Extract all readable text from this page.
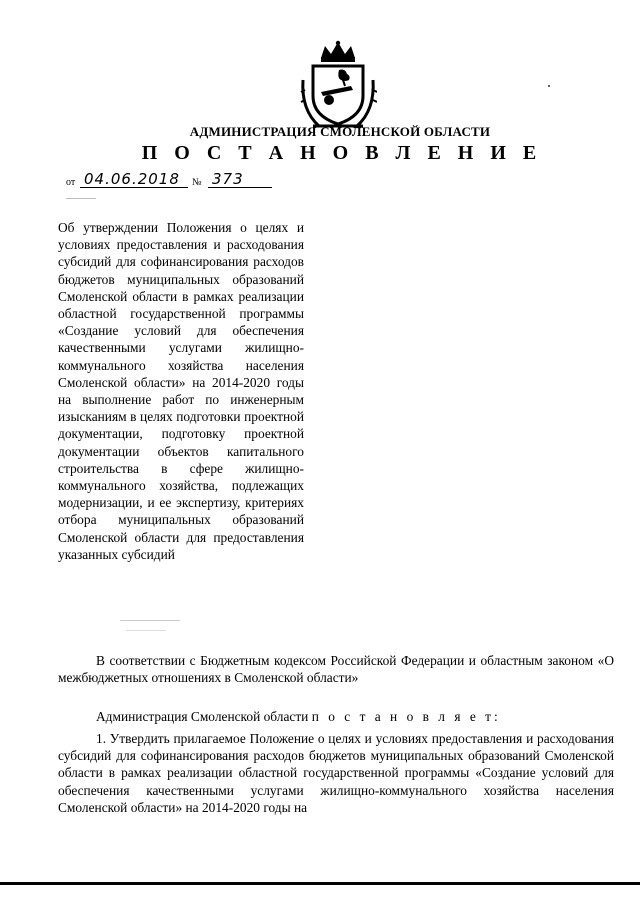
АДМИНИСТРАЦИЯ СМОЛЕНСКОЙ ОБЛАСТИ
П О С Т А Н О В Л Е Н И Е
от 04.06.2018 № 373
Об утверждении Положения о целях и условиях предоставления и расходования субсидий для софинансирования расходов бюджетов муниципальных образований Смоленской области в рамках реализации областной государственной программы «Создание условий для обеспечения качественными услугами жилищно-коммунального хозяйства населения Смоленской области» на 2014-2020 годы на выполнение работ по инженерным изысканиям в целях подготовки проектной документации, подготовку проектной документации объектов капитального строительства в сфере жилищно-коммунального хозяйства, подлежащих модернизации, и ее экспертизу, критериях отбора муниципальных образований Смоленской области для предоставления указанных субсидий
В соответствии с Бюджетным кодексом Российской Федерации и областным законом «О межбюджетных отношениях в Смоленской области»
Администрация Смоленской области п о с т а н о в л я е т:
1. Утвердить прилагаемое Положение о целях и условиях предоставления и расходования субсидий для софинансирования расходов бюджетов муниципальных образований Смоленской области в рамках реализации областной государственной программы «Создание условий для обеспечения качественными услугами жилищно-коммунального хозяйства населения Смоленской области» на 2014-2020 годы на
